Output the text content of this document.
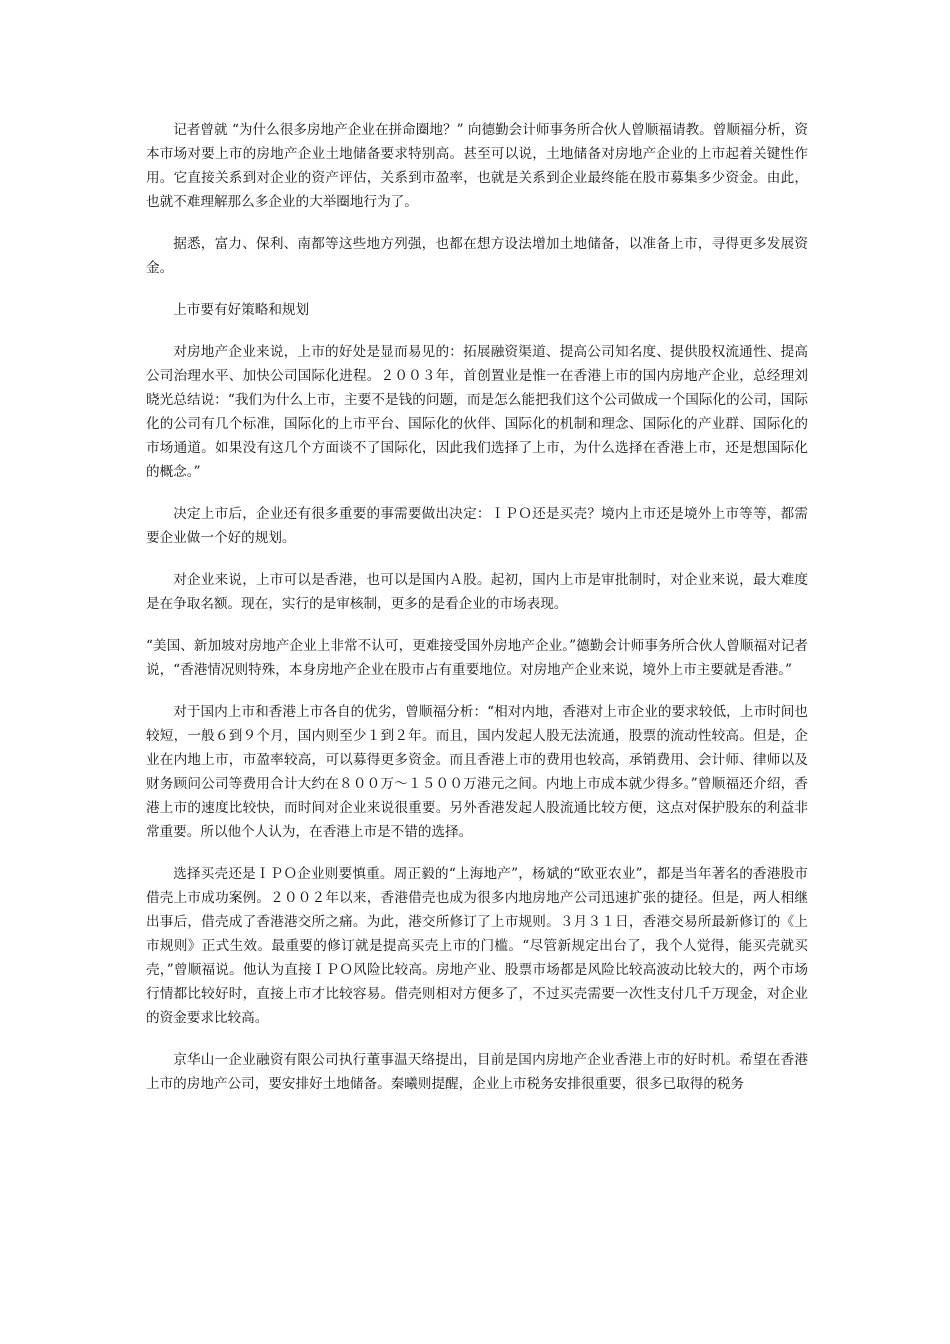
记者曾就 “为什么很多房地产企业在拼命圈地？” 向德勤会计师事务所合伙人曾顺福请教。曾顺福分析，资本市场对要上市的房地产企业土地储备要求特别高。甚至可以说，土地储备对房地产企业的上市起着关键性作用。它直接关系到对企业的资产评估，关系到市盈率，也就是关系到企业最终能在股市募集多少资金。由此，也就不难理解那么多企业的大举圈地行为了。

据悉，富力、保利、南都等这些地方列强，也都在想方设法增加土地储备，以准备上市，寻得更多发展资金。

上市要有好策略和规划

对房地产企业来说，上市的好处是显而易见的：拓展融资渠道、提高公司知名度、提供股权流通性、提高公司治理水平、加快公司国际化进程。２００３年，首创置业是惟一在香港上市的国内房地产企业，总经理刘晓光总结说：“我们为什么上市，主要不是钱的问题，而是怎么能把我们这个公司做成一个国际化的公司，国际化的公司有几个标准，国际化的上市平台、国际化的伙伴、国际化的机制和理念、国际化的产业群、国际化的市场通道。如果没有这几个方面谈不了国际化，因此我们选择了上市，为什么选择在香港上市，还是想国际化的概念。”

决定上市后，企业还有很多重要的事需要做出决定：ＩＰＯ还是买壳？境内上市还是境外上市等等，都需要企业做一个好的规划。

对企业来说，上市可以是香港，也可以是国内Ａ股。起初，国内上市是审批制时，对企业来说，最大难度是在争取名额。现在，实行的是审核制，更多的是看企业的市场表现。

“美国、新加坡对房地产企业上非常不认可，更难接受国外房地产企业。”德勤会计师事务所合伙人曾顺福对记者说，“香港情况则特殊，本身房地产企业在股市占有重要地位。对房地产企业来说，境外上市主要就是香港。”

对于国内上市和香港上市各自的优劣，曾顺福分析：“相对内地，香港对上市企业的要求较低，上市时间也较短，一般６到９个月，国内则至少１到２年。而且，国内发起人股无法流通，股票的流动性较高。但是，企业在内地上市，市盈率较高，可以募得更多资金。而且香港上市的费用也较高，承销费用、会计师、律师以及财务顾问公司等费用合计大约在８００万～１５００万港元之间。内地上市成本就少得多。”曾顺福还介绍，香港上市的速度比较快，而时间对企业来说很重要。另外香港发起人股流通比较方便，这点对保护股东的利益非常重要。所以他个人认为，在香港上市是不错的选择。

选择买壳还是ＩＰＯ企业则要慎重。周正毅的“上海地产”，杨斌的“欧亚农业”，都是当年著名的香港股市借壳上市成功案例。２００２年以来，香港借壳也成为很多内地房地产公司迅速扩张的捷径。但是，两人相继出事后，借壳成了香港港交所之痛。为此，港交所修订了上市规则。３月３１日，香港交易所最新修订的《上市规则》正式生效。最重要的修订就是提高买壳上市的门槛。“尽管新规定出台了，我个人觉得，能买壳就买壳，”曾顺福说。他认为直接ＩＰＯ风险比较高。房地产业、股票市场都是风险比较高波动比较大的，两个市场行情都比较好时，直接上市才比较容易。借壳则相对方便多了，不过买壳需要一次性支付几千万现金，对企业的资金要求比较高。

京华山一企业融资有限公司执行董事温天络提出，目前是国内房地产企业香港上市的好时机。希望在香港上市的房地产公司，要安排好土地储备。秦曦则提醒，企业上市税务安排很重要，很多已取得的税务
